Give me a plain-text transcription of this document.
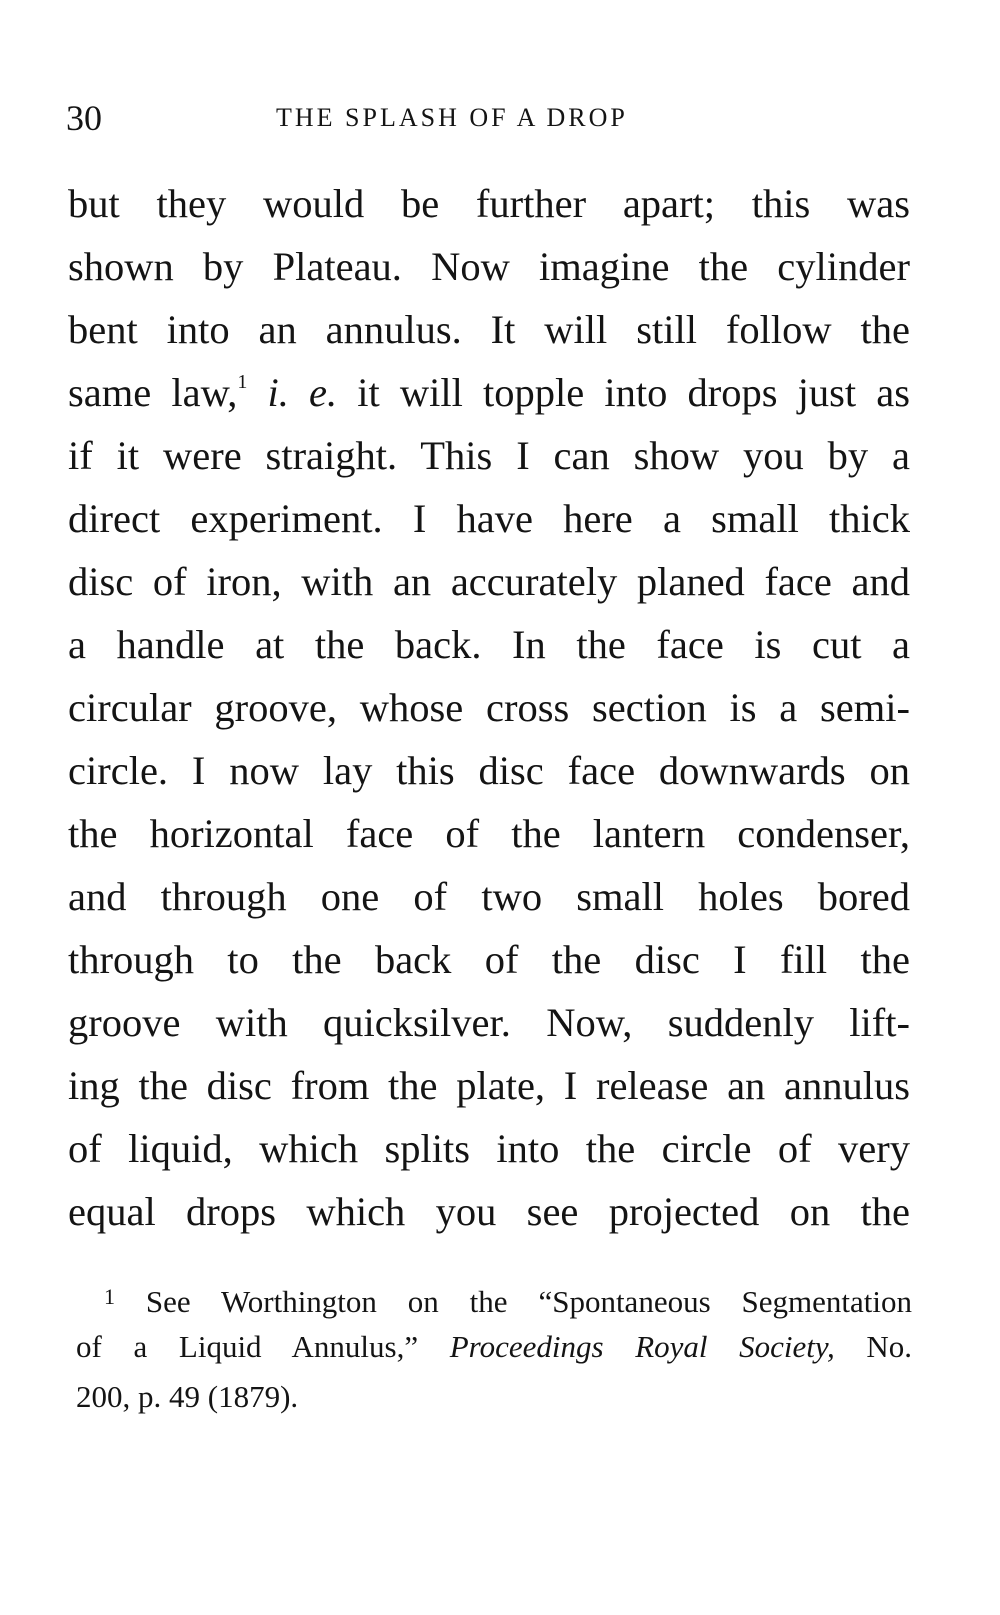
30	THE SPLASH OF A DROP
but they would be further apart; this was
shown by Plateau. Now imagine the cylinder
bent into an annulus. It will still follow the
same law,$^1$ i. e. it will topple into drops just as
if it were straight. This I can show you by a
direct experiment. I have here a small thick
disc of iron, with an accurately planed face and
a handle at the back. In the face is cut a
circular groove, whose cross section is a semi-
circle. I now lay this disc face downwards on
the horizontal face of the lantern condenser,
and through one of two small holes bored
through to the back of the disc I fill the
groove with quicksilver. Now, suddenly lift-
ing the disc from the plate, I release an annulus
of liquid, which splits into the circle of very
equal drops which you see projected on the
$^1$ See Worthington on the “Spontaneous Segmentation
of a Liquid Annulus,” Proceedings Royal Society, No.
200, p. 49 (1879).
